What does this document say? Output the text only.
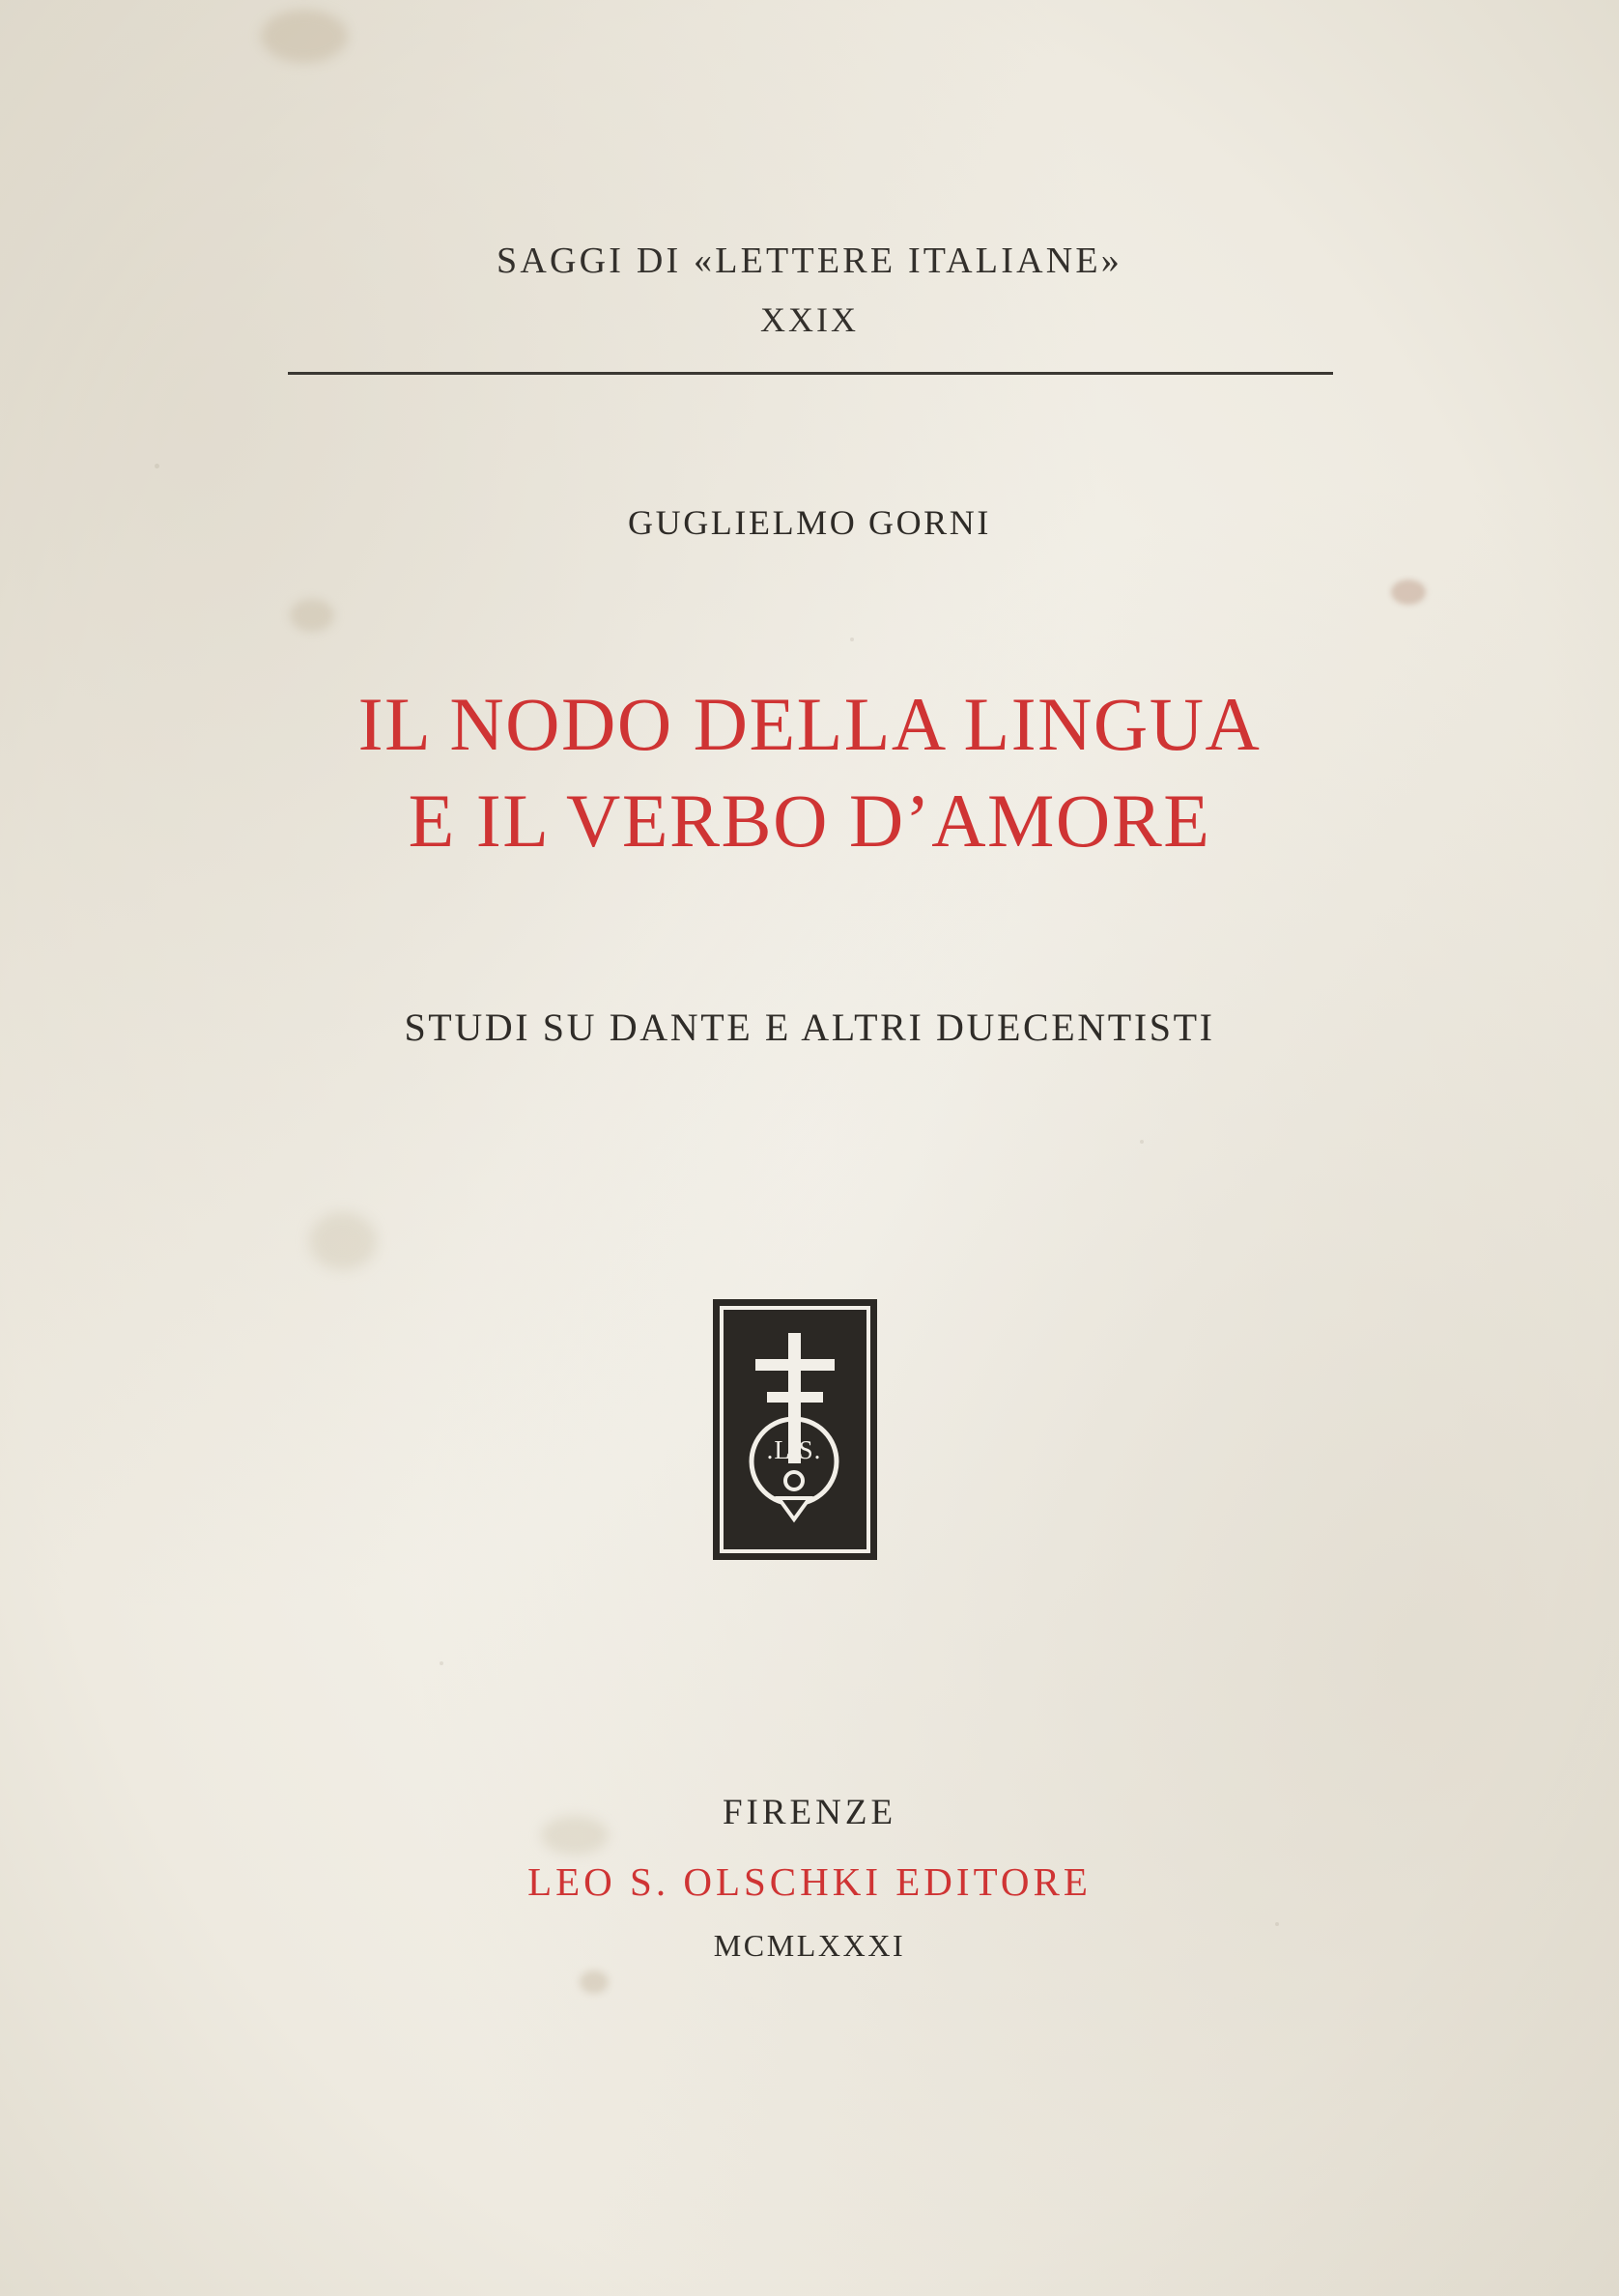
SAGGI DI «LETTERE ITALIANE»
XXIX
GUGLIELMO GORNI
IL NODO DELLA LINGUA
E IL VERBO D’AMORE
STUDI SU DANTE E ALTRI DUECENTISTI
.L.S.
FIRENZE
LEO S. OLSCHKI EDITORE
MCMLXXXI
